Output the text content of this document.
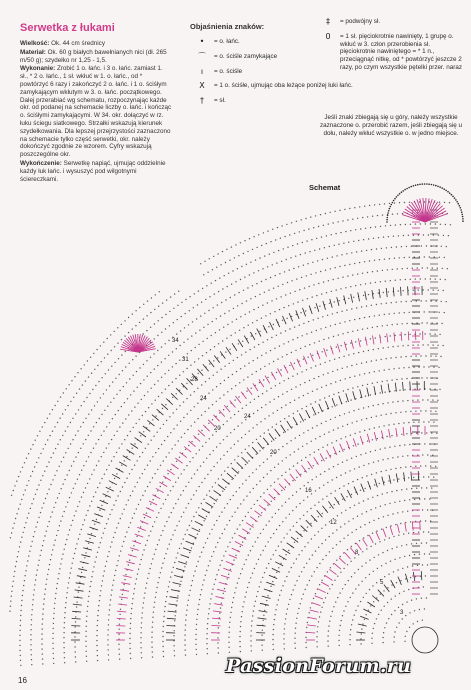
Serwetka z łukami

Wielkość: Ok. 44 cm średnicy

Materiał: Ok. 60 g białych bawełnianych nici (dł. 265 m/50 g); szydełko nr 1,25 - 1,5.

Wykonanie: Zrobić 1 o. łańc. i 3 o. łańc. zamiast 1. sł., * 2 o. łańc., 1 sł. wkłuć w 1. o. łańc., od * powtórzyć 6 razy i zakończyć 2 o. łańc. i 1 o. ściśłym zamykającym wkłutym w 3. o. łańc. początkowego. Dalej przerabiać wg schematu, rozpoczynając każde okr. od podanej na schemacie liczby o. łańc. i kończąc o. ściśłymi zamykającymi. W 34. okr. dołączyć w rz. łuku ściegu siatkowego. Strzałki wskazują kierunek szydełkowania. Dla lepszej przejrzystości zaznaczono na schemacie tylko część serwetki, okr. należy dokończyć zgodnie ze wzorem. Cyfry wskazują poszczególne okr.

Wykończenie: Serwetkę napiąć, ujmując oddzielnie każdy łuk łańc. i wysuszyć pod wilgotnymi ściereczkami.

Objaśnienia znaków:
•	= o. łańc.
⌒	= o. ściśle zamykające
ı	= o. ściśle
Χ	= 1 o. ściśłe, ujmując oba leżące poniżej łuki łańc.
†	= sł.
‡	= podwójny sł.
0	= 1 sł. pięciokrotnie nawinięty, 1 grupę o. wkłuć w 3. człon przerobienia sł. pięciokrotnie nawiniętego = * 1 n., przeciągnąć nitkę, od * powtórzyć jeszcze 2 razy, po czym wszystkie pętelki przer. naraz
Jeśli znaki zbiegają się u góry, należy wszystkie zaznaczone o. przerobić razem, jeśli zbiegają się u dołu, należy wkłuć wszystkie o. w jedno miejsce.
Schemat
34
31
28
24
20
24
20
16
12
8
5
3
16
PassionForum.ru
